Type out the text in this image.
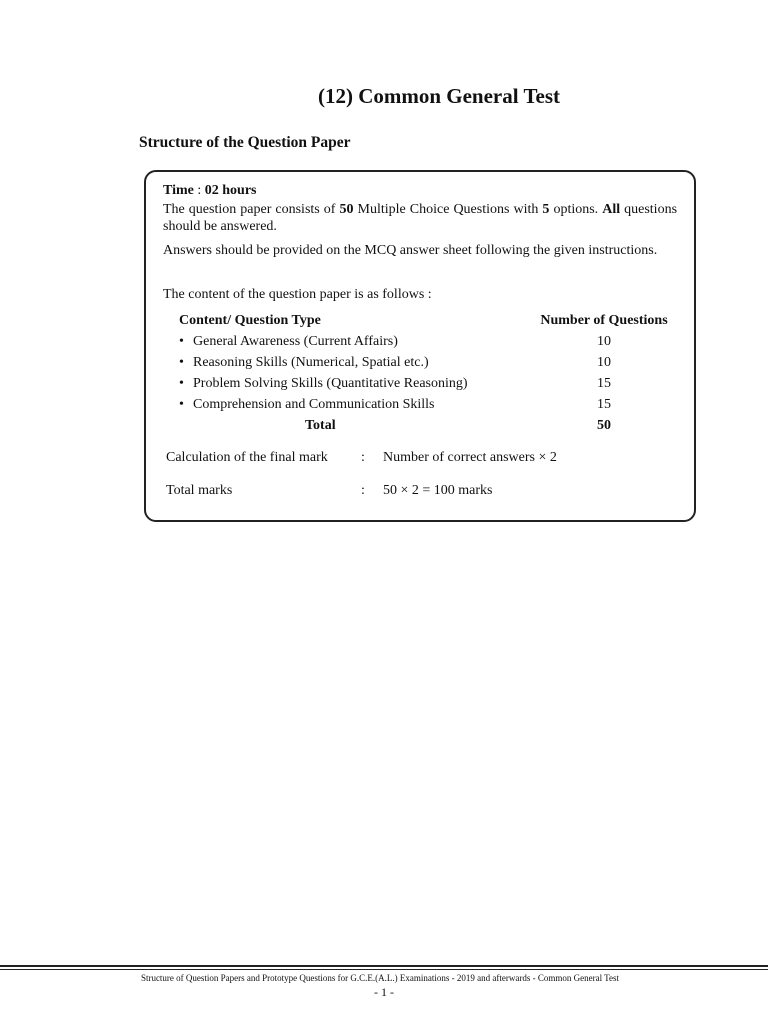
(12) Common General Test
Structure of the Question Paper

Time : 02 hours

The question paper consists of 50 Multiple Choice Questions with 5 options. All questions should be answered.

Answers should be provided on the MCQ answer sheet following the given instructions.

The content of the question paper is as follows :

Content/ Question Type	Number of Questions
• General Awareness (Current Affairs)	10
• Reasoning Skills (Numerical, Spatial etc.)	10
• Problem Solving Skills (Quantitative Reasoning)	15
• Comprehension and Communication Skills	15
Total	50
Calculation of the final mark : Number of correct answers × 2
Total marks	: 50 × 2 = 100 marks
Structure of Question Papers and Prototype Questions for G.C.E.(A.L.) Examinations - 2019 and afterwards - Common General Test
- 1 -
